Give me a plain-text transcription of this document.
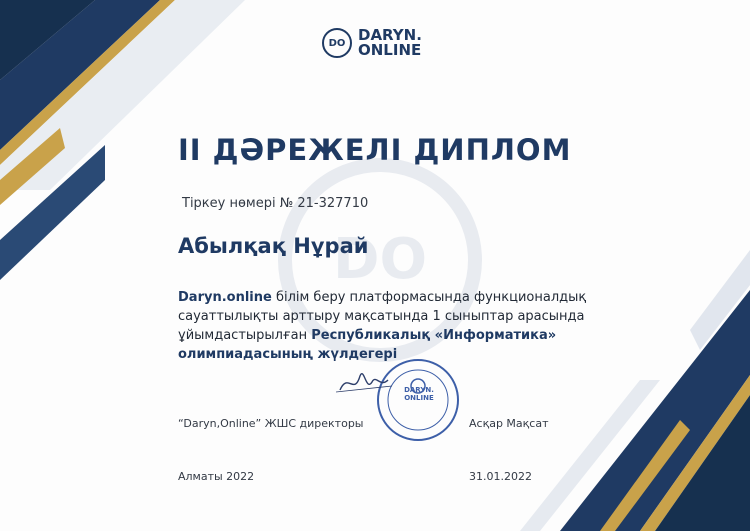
DO
DO DARYN.
ONLINE
II ДӘРЕЖЕЛІ ДИПЛОМ
Тіркеу нөмері № 21-327710
Абылқақ Нұрай
Daryn.online білім беру платформасында функционалдық сауаттылықты арттыру мақсатында 1 сыныптар арасында ұйымдастырылған Республикалық «Информатика» олимпиадасының жүлдегері
DARYN.
ONLINE
“Daryn,Online” ЖШС директоры	Асқар Мақсат
Алматы 2022	31.01.2022
